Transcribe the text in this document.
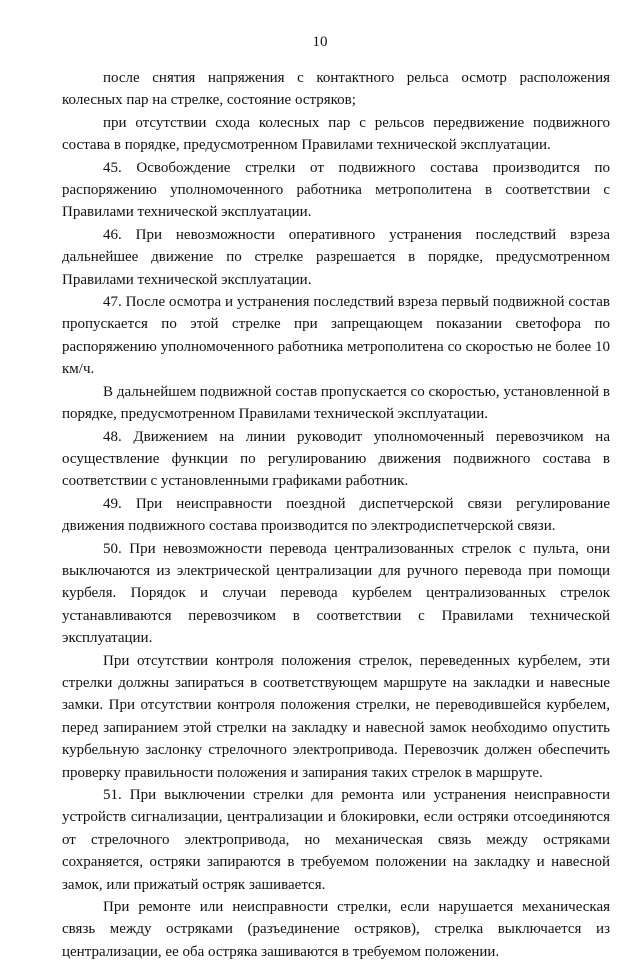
10

после снятия напряжения с контактного рельса осмотр расположения колесных пар на стрелке, состояние остряков;

при отсутствии схода колесных пар с рельсов передвижение подвижного состава в порядке, предусмотренном Правилами технической эксплуатации.

45. Освобождение стрелки от подвижного состава производится по распоряжению уполномоченного работника метрополитена в соответствии с Правилами технической эксплуатации.

46. При невозможности оперативного устранения последствий взреза дальнейшее движение по стрелке разрешается в порядке, предусмотренном Правилами технической эксплуатации.

47. После осмотра и устранения последствий взреза первый подвижной состав пропускается по этой стрелке при запрещающем показании светофора по распоряжению уполномоченного работника метрополитена со скоростью не более 10 км/ч.

В дальнейшем подвижной состав пропускается со скоростью, установленной в порядке, предусмотренном Правилами технической эксплуатации.

48. Движением на линии руководит уполномоченный перевозчиком на осуществление функции по регулированию движения подвижного состава в соответствии с установленными графиками работник.

49. При неисправности поездной диспетчерской связи регулирование движения подвижного состава производится по электродиспетчерской связи.

50. При невозможности перевода централизованных стрелок с пульта, они выключаются из электрической централизации для ручного перевода при помощи курбеля. Порядок и случаи перевода курбелем централизованных стрелок устанавливаются перевозчиком в соответствии с Правилами технической эксплуатации.

При отсутствии контроля положения стрелок, переведенных курбелем, эти стрелки должны запираться в соответствующем маршруте на закладки и навесные замки. При отсутствии контроля положения стрелки, не переводившейся курбелем, перед запиранием этой стрелки на закладку и навесной замок необходимо опустить курбельную заслонку стрелочного электропривода. Перевозчик должен обеспечить проверку правильности положения и запирания таких стрелок в маршруте.

51. При выключении стрелки для ремонта или устранения неисправности устройств сигнализации, централизации и блокировки, если остряки отсоединяются от стрелочного электропривода, но механическая связь между остряками сохраняется, остряки запираются в требуемом положении на закладку и навесной замок, или прижатый остряк зашивается.

При ремонте или неисправности стрелки, если нарушается механическая связь между остряками (разъединение остряков), стрелка выключается из централизации, ее оба остряка зашиваются в требуемом положении.
